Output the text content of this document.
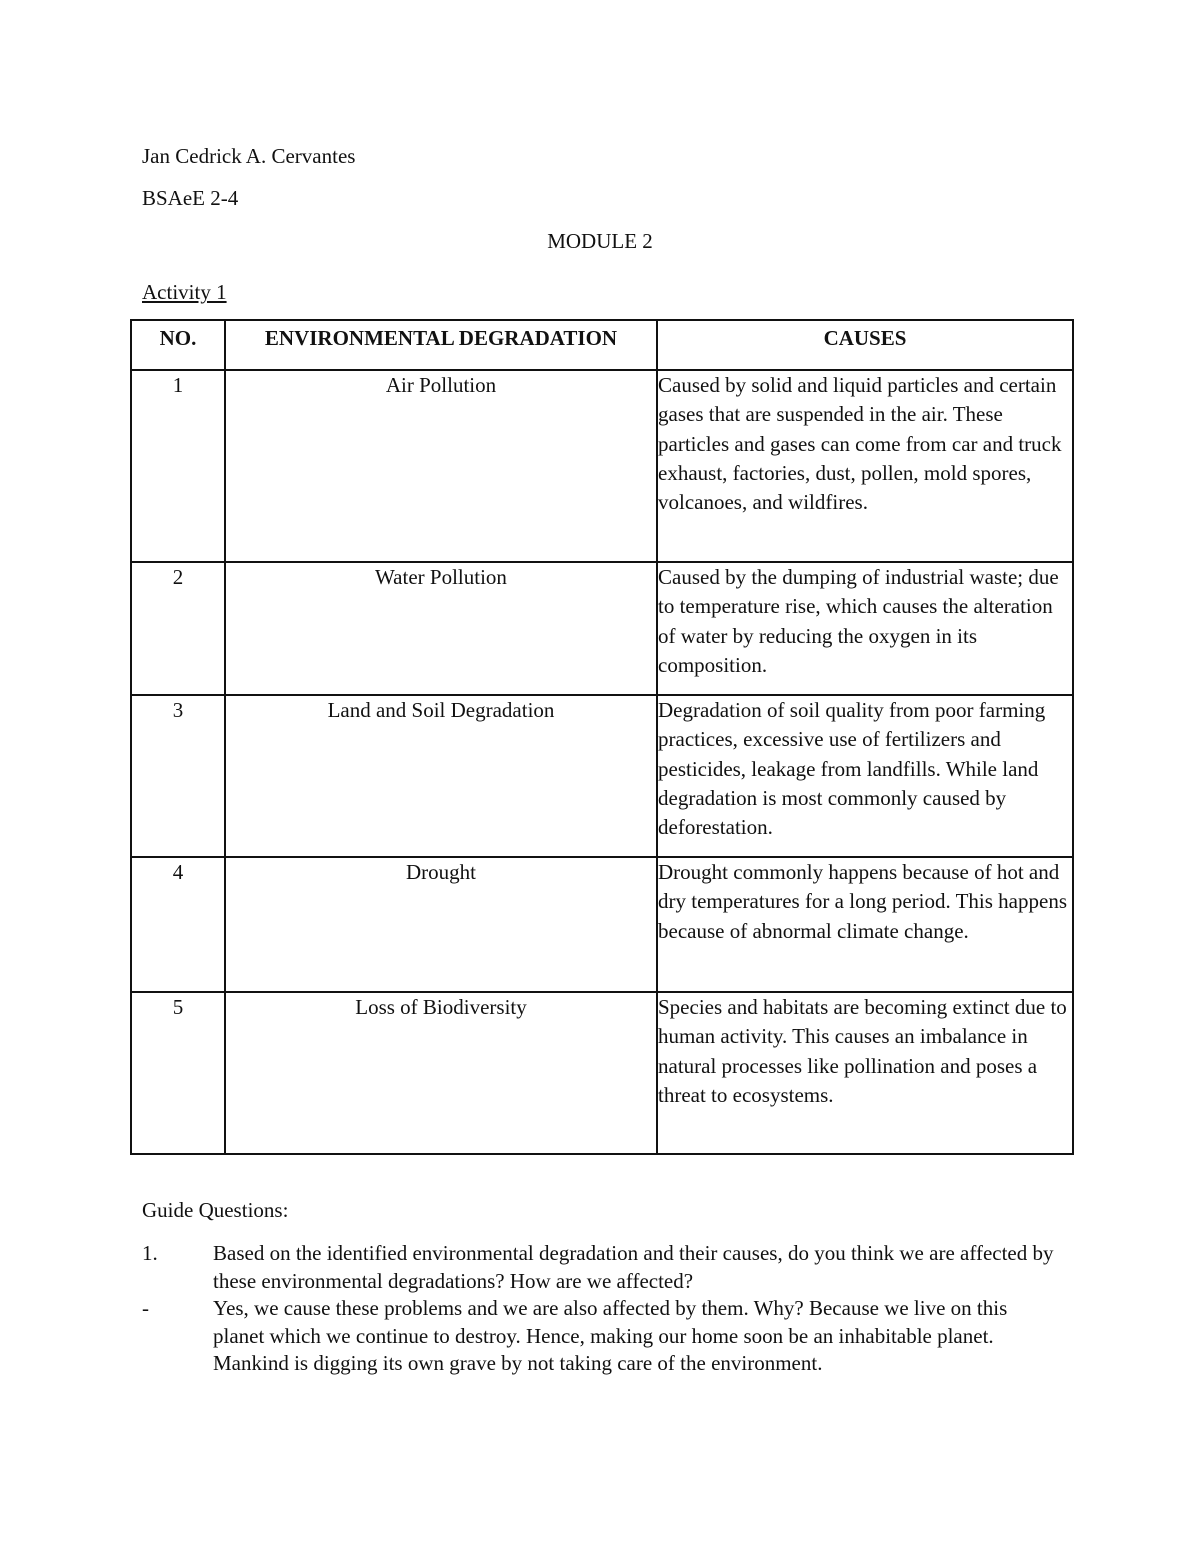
Jan Cedrick A. Cervantes
BSAeE 2-4
MODULE 2
Activity 1
NO.	ENVIRONMENTAL DEGRADATION	CAUSES
1	Air Pollution	Caused by solid and liquid particles and certain gases that are suspended in the air. These particles and gases can come from car and truck exhaust, factories, dust, pollen, mold spores, volcanoes, and wildfires.
2	Water Pollution	Caused by the dumping of industrial waste; due to temperature rise, which causes the alteration of water by reducing the oxygen in its composition.
3	Land and Soil Degradation	Degradation of soil quality from poor farming practices, excessive use of fertilizers and pesticides, leakage from landfills. While land degradation is most commonly caused by deforestation.
4	Drought	Drought commonly happens because of hot and dry temperatures for a long period. This happens because of abnormal climate change.
5	Loss of Biodiversity	Species and habitats are becoming extinct due to human activity. This causes an imbalance in natural processes like pollination and poses a threat to ecosystems.
Guide Questions:
1.	Based on the identified environmental degradation and their causes, do you think we are affected by these environmental degradations? How are we affected?
-	Yes, we cause these problems and we are also affected by them. Why? Because we live on this planet which we continue to destroy. Hence, making our home soon be an inhabitable planet. Mankind is digging its own grave by not taking care of the environment.
